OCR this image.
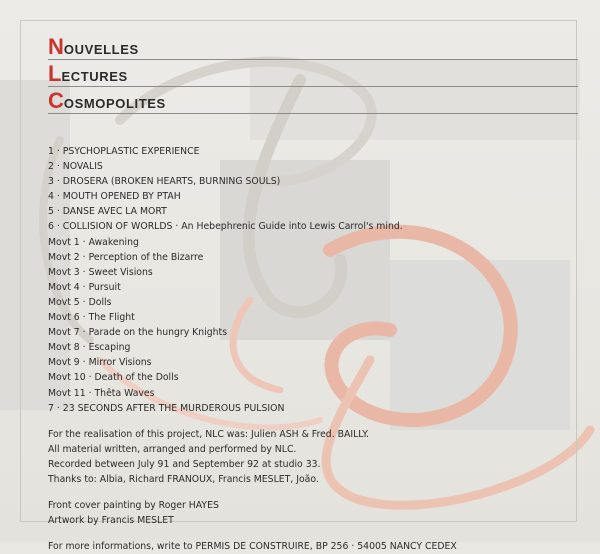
NOUVELLES
LECTURES
COSMOPOLITES
1 · PSYCHOPLASTIC EXPERIENCE
2 · NOVALIS
3 · DROSERA (BROKEN HEARTS, BURNING SOULS)
4 · MOUTH OPENED BY PTAH
5 · DANSE AVEC LA MORT
6 · COLLISION OF WORLDS · An Hebephrenic Guide into Lewis Carrol's mind.
Movt 1 · Awakening
Movt 2 · Perception of the Bizarre
Movt 3 · Sweet Visions
Movt 4 · Pursuit
Movt 5 · Dolls
Movt 6 · The Flight
Movt 7 · Parade on the hungry Knights
Movt 8 · Escaping
Movt 9 · Mirror Visions
Movt 10 · Death of the Dolls
Movt 11 · Thêta Waves
7 · 23 SECONDS AFTER THE MURDEROUS PULSION
For the realisation of this project, NLC was: Julien ASH & Fred. BAILLY.
All material written, arranged and performed by NLC.
Recorded between July 91 and September 92 at studio 33.
Thanks to: Albia, Richard FRANOUX, Francis MESLET, João.
Front cover painting by Roger HAYES
Artwork by Francis MESLET
For more informations, write to PERMIS DE CONSTRUIRE, BP 256 · 54005 NANCY CEDEX
